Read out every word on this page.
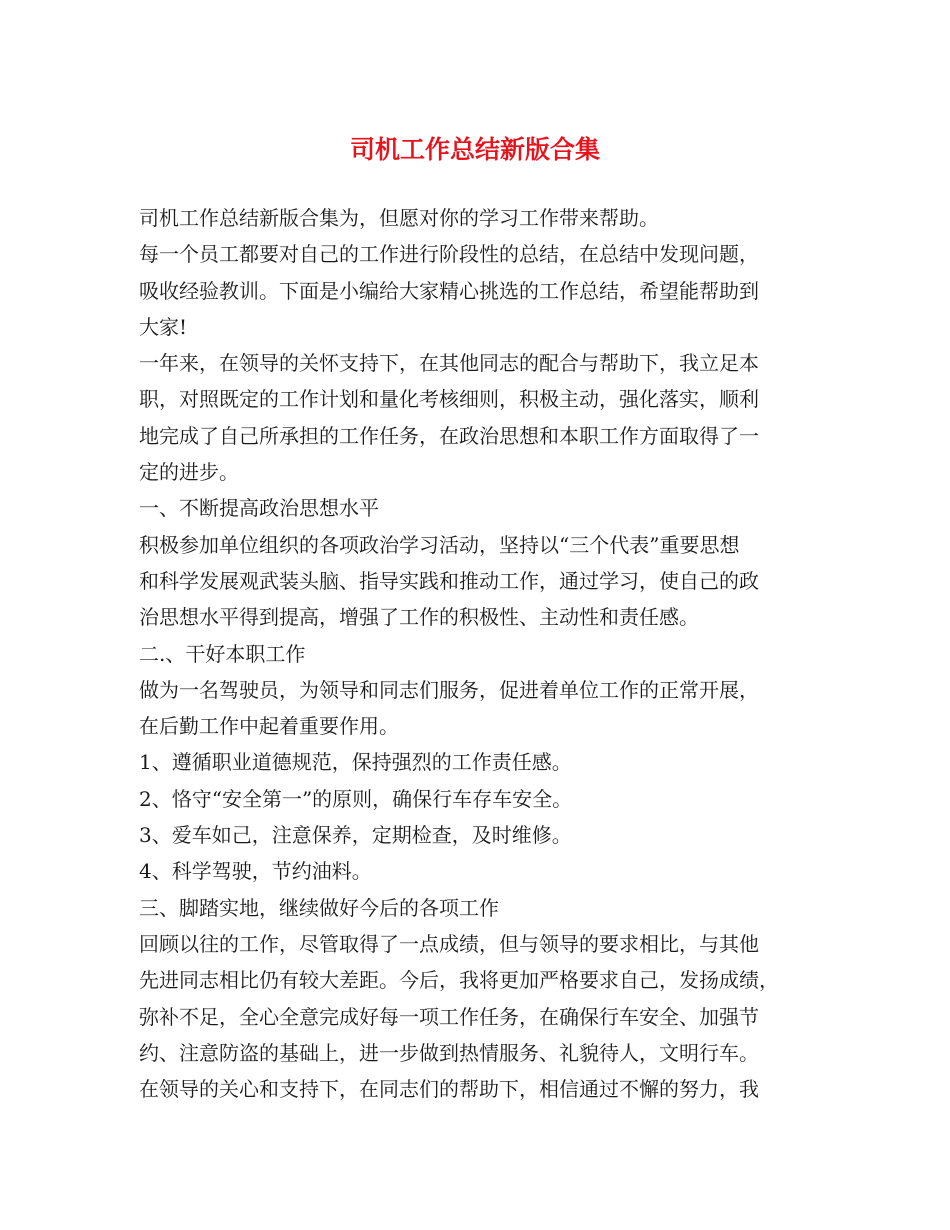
司机工作总结新版合集
司机工作总结新版合集为，但愿对你的学习工作带来帮助。
每一个员工都要对自己的工作进行阶段性的总结，在总结中发现问题，
吸收经验教训。下面是小编给大家精心挑选的工作总结，希望能帮助到
大家!
一年来，在领导的关怀支持下，在其他同志的配合与帮助下，我立足本
职，对照既定的工作计划和量化考核细则，积极主动，强化落实，顺利
地完成了自己所承担的工作任务，在政治思想和本职工作方面取得了一
定的进步。
一、不断提高政治思想水平
积极参加单位组织的各项政治学习活动，坚持以“三个代表”重要思想
和科学发展观武装头脑、指导实践和推动工作，通过学习，使自己的政
治思想水平得到提高，增强了工作的积极性、主动性和责任感。
二.、干好本职工作
做为一名驾驶员，为领导和同志们服务，促进着单位工作的正常开展，
在后勤工作中起着重要作用。
1、遵循职业道德规范，保持强烈的工作责任感。
2、恪守“安全第一”的原则，确保行车存车安全。
3、爱车如己，注意保养，定期检查，及时维修。
4、科学驾驶，节约油料。
三、脚踏实地，继续做好今后的各项工作
回顾以往的工作，尽管取得了一点成绩，但与领导的要求相比，与其他
先进同志相比仍有较大差距。今后，我将更加严格要求自己，发扬成绩，
弥补不足，全心全意完成好每一项工作任务，在确保行车安全、加强节
约、注意防盗的基础上，进一步做到热情服务、礼貌待人，文明行车。
在领导的关心和支持下，在同志们的帮助下，相信通过不懈的努力，我
